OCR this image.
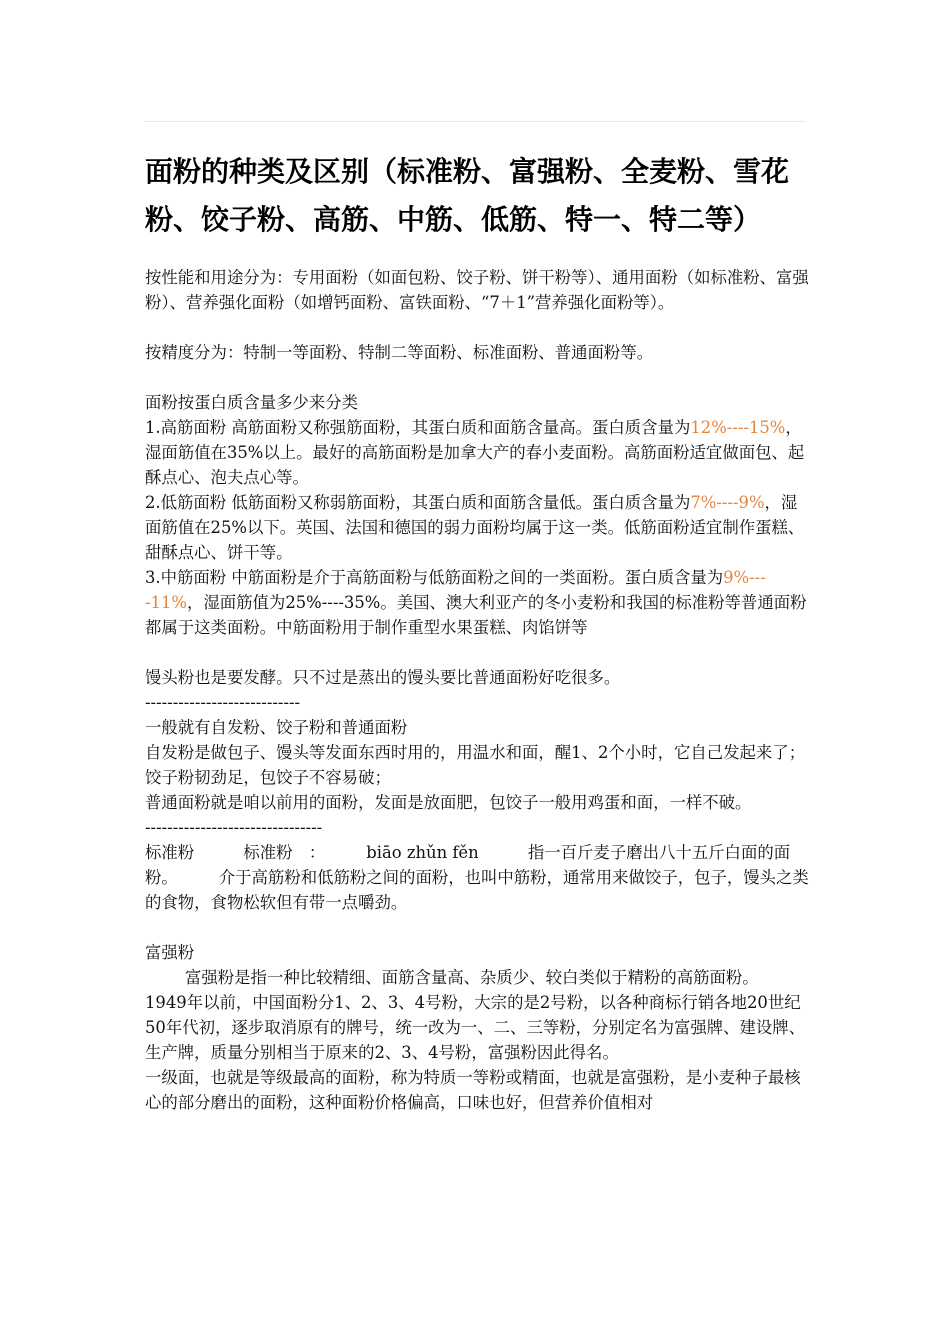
面粉的种类及区别（标准粉、富强粉、全麦粉、雪花粉、饺子粉、高筋、中筋、低筋、特一、特二等）

按性能和用途分为：专用面粉（如面包粉、饺子粉、饼干粉等）、通用面粉（如标准粉、富强粉）、营养强化面粉（如增钙面粉、富铁面粉、“7＋1”营养强化面粉等）。

按精度分为：特制一等面粉、特制二等面粉、标准面粉、普通面粉等。

面粉按蛋白质含量多少来分类

1.高筋面粉 高筋面粉又称强筋面粉，其蛋白质和面筋含量高。蛋白质含量为12%----15%，湿面筋值在35%以上。最好的高筋面粉是加拿大产的春小麦面粉。高筋面粉适宜做面包、起酥点心、泡夫点心等。

2.低筋面粉 低筋面粉又称弱筋面粉，其蛋白质和面筋含量低。蛋白质含量为7%----9%，湿面筋值在25%以下。英国、法国和德国的弱力面粉均属于这一类。低筋面粉适宜制作蛋糕、甜酥点心、饼干等。

3.中筋面粉 中筋面粉是介于高筋面粉与低筋面粉之间的一类面粉。蛋白质含量为9%----11%，湿面筋值为25%----35%。美国、澳大利亚产的冬小麦粉和我国的标准粉等普通面粉都属于这类面粉。中筋面粉用于制作重型水果蛋糕、肉馅饼等

馒头粉也是要发酵。只不过是蒸出的馒头要比普通面粉好吃很多。

----------------------------

一般就有自发粉、饺子粉和普通面粉

自发粉是做包子、馒头等发面东西时用的，用温水和面，醒1、2个小时，它自己发起来了；

饺子粉韧劲足，包饺子不容易破；

普通面粉就是咱以前用的面粉，发面是放面肥，包饺子一般用鸡蛋和面，一样不破。

--------------------------------

标准粉　　　标准粉　：　　　biāo zhǔn fěn　　　指一百斤麦子磨出八十五斤白面的面粉。　　　介于高筋粉和低筋粉之间的面粉，也叫中筋粉，通常用来做饺子，包子，馒头之类的食物，食物松软但有带一点嚼劲。

富强粉

富强粉是指一种比较精细、面筋含量高、杂质少、较白类似于精粉的高筋面粉。

1949年以前，中国面粉分1、2、3、4号粉，大宗的是2号粉，以各种商标行销各地20世纪50年代初，逐步取消原有的牌号，统一改为一、二、三等粉，分别定名为富强牌、建设牌、生产牌，质量分别相当于原来的2、3、4号粉，富强粉因此得名。

一级面，也就是等级最高的面粉，称为特质一等粉或精面，也就是富强粉，是小麦种子最核心的部分磨出的面粉，这种面粉价格偏高，口味也好，但营养价值相对
